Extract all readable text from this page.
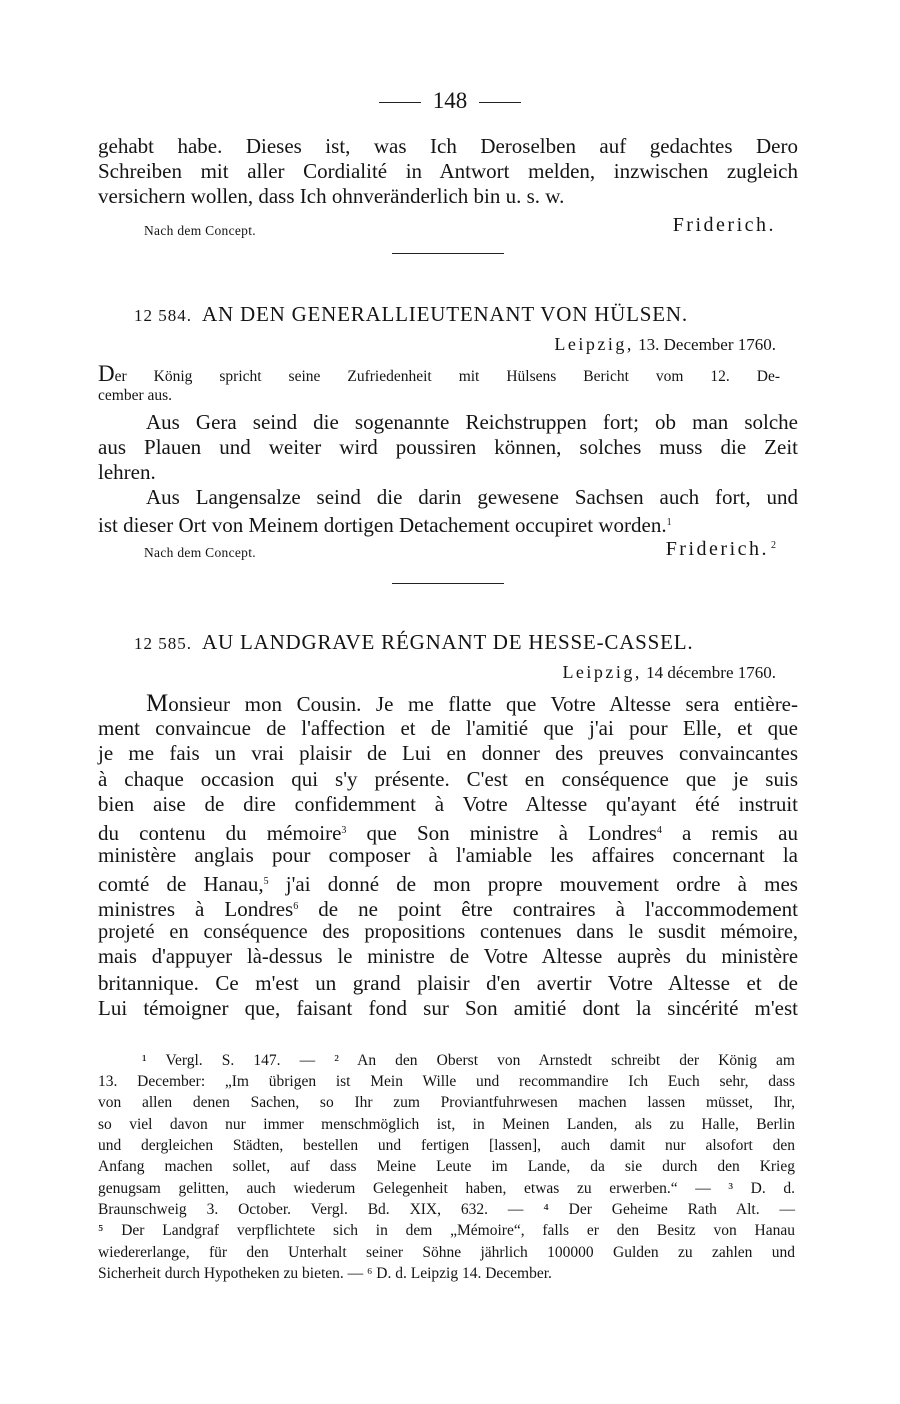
148
gehabt habe. Dieses ist, was Ich Deroselben auf gedachtes Dero
Schreiben mit aller Cordialité in Antwort melden, inzwischen zugleich
versichern wollen, dass Ich ohnveränderlich bin u. s. w.
Nach dem Concept.	Friderich.
12 584. AN DEN GENERALLIEUTENANT VON HÜLSEN.
Leipzig, 13. December 1760.
Der König spricht seine Zufriedenheit mit Hülsens Bericht vom 12. De-
cember aus.
Aus Gera seind die sogenannte Reichstruppen fort; ob man solche
aus Plauen und weiter wird poussiren können, solches muss die Zeit
lehren.
Aus Langensalze seind die darin gewesene Sachsen auch fort, und
ist dieser Ort von Meinem dortigen Detachement occupiret worden.$^1$
Nach dem Concept.	Friderich. $^2$
12 585. AU LANDGRAVE RÉGNANT DE HESSE-CASSEL.
Leipzig, 14 décembre 1760.
Monsieur mon Cousin. Je me flatte que Votre Altesse sera entière-
ment convaincue de l'affection et de l'amitié que j'ai pour Elle, et que
je me fais un vrai plaisir de Lui en donner des preuves convaincantes
à chaque occasion qui s'y présente. C'est en conséquence que je suis
bien aise de dire confidemment à Votre Altesse qu'ayant été instruit
du contenu du mémoire$^3$ que Son ministre à Londres$^4$ a remis au
ministère anglais pour composer à l'amiable les affaires concernant la
comté de Hanau,$^5$ j'ai donné de mon propre mouvement ordre à mes
ministres à Londres$^6$ de ne point être contraires à l'accommodement
projeté en conséquence des propositions contenues dans le susdit mémoire,
mais d'appuyer là-dessus le ministre de Votre Altesse auprès du ministère
britannique. Ce m'est un grand plaisir d'en avertir Votre Altesse et de
Lui témoigner que, faisant fond sur Son amitié dont la sincérité m'est
¹ Vergl. S. 147. — ² An den Oberst von Arnstedt schreibt der König am
13. December: „Im übrigen ist Mein Wille und recommandire Ich Euch sehr, dass
von allen denen Sachen, so Ihr zum Proviantfuhrwesen machen lassen müsset, Ihr,
so viel davon nur immer menschmöglich ist, in Meinen Landen, als zu Halle, Berlin
und dergleichen Städten, bestellen und fertigen [lassen], auch damit nur alsofort den
Anfang machen sollet, auf dass Meine Leute im Lande, da sie durch den Krieg
genugsam gelitten, auch wiederum Gelegenheit haben, etwas zu erwerben.“ — ³ D. d.
Braunschweig 3. October. Vergl. Bd. XIX, 632. — ⁴ Der Geheime Rath Alt. —
⁵ Der Landgraf verpflichtete sich in dem „Mémoire“, falls er den Besitz von Hanau
wiedererlange, für den Unterhalt seiner Söhne jährlich 100000 Gulden zu zahlen und
Sicherheit durch Hypotheken zu bieten. — ⁶ D. d. Leipzig 14. December.
